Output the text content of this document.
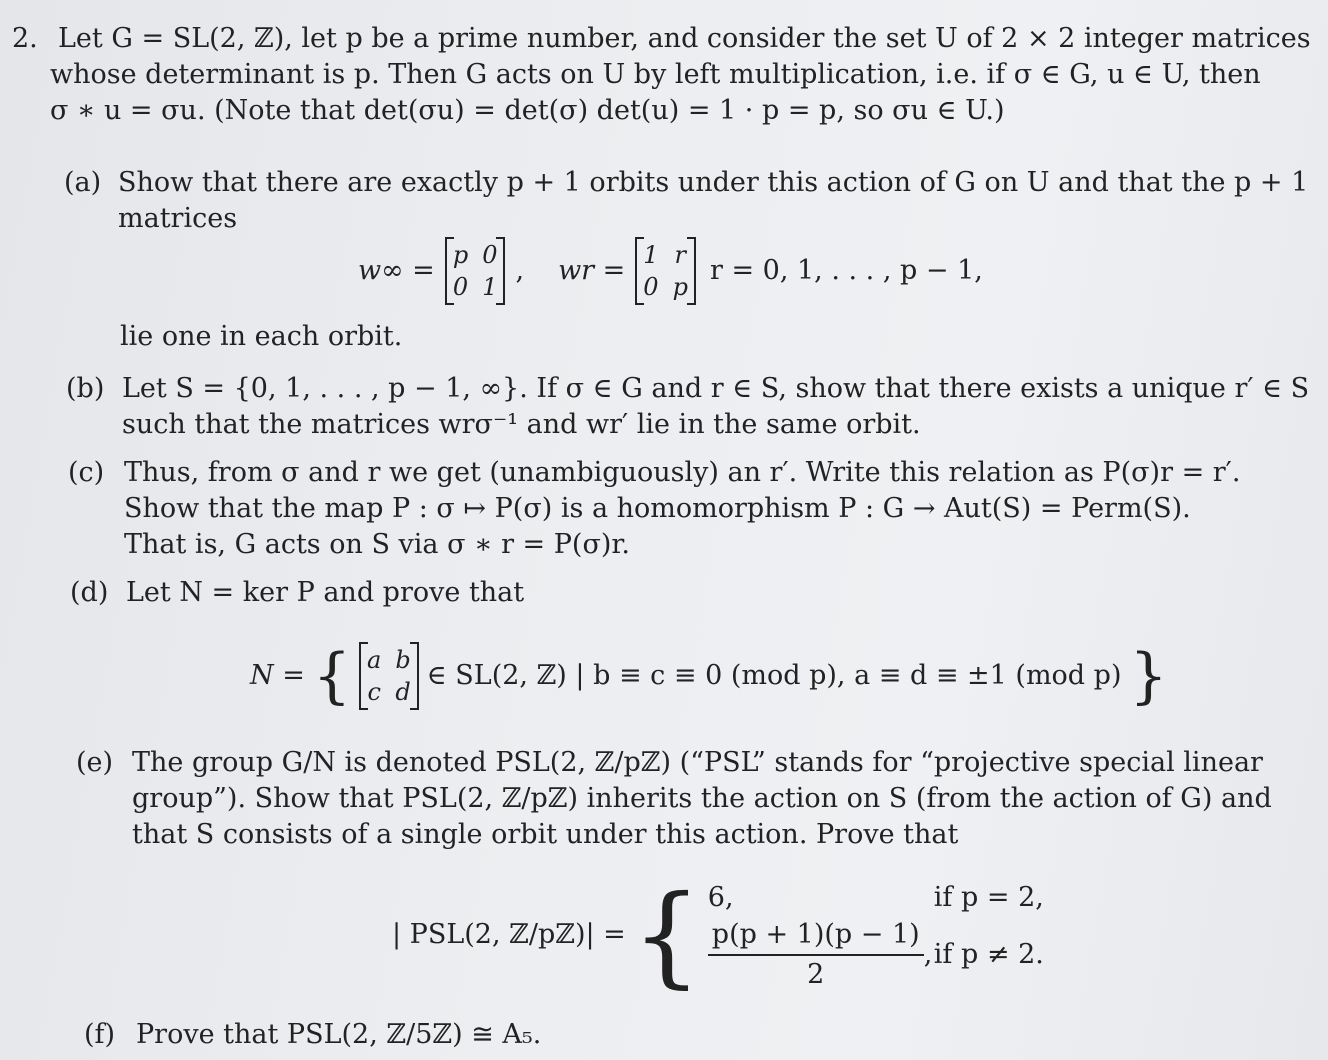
2. Let G = SL(2, ℤ), let p be a prime number, and consider the set U of 2 × 2 integer matrices
whose determinant is p. Then G acts on U by left multiplication, i.e. if σ ∈ G, u ∈ U, then
σ ∗ u = σu. (Note that det(σu) = det(σ) det(u) = 1 · p = p, so σu ∈ U.)
(a) Show that there are exactly p + 1 orbits under this action of G on U and that the p + 1
matrices
w∞ = p 0
0 1
, wr = 1 r
0 p
r = 0, 1, . . . , p − 1,
lie one in each orbit.
(b) Let S = {0, 1, . . . , p − 1, ∞}. If σ ∈ G and r ∈ S, show that there exists a unique r′ ∈ S
such that the matrices wrσ⁻¹ and wr′ lie in the same orbit.
(c) Thus, from σ and r we get (unambiguously) an r′. Write this relation as P(σ)r = r′.
Show that the map P : σ ↦ P(σ) is a homomorphism P : G → Aut(S) = Perm(S).
That is, G acts on S via σ ∗ r = P(σ)r.
(d) Let N = ker P and prove that
N = { a b
c d
∈ SL(2, ℤ) | b ≡ c ≡ 0 (mod p), a ≡ d ≡ ±1 (mod p) }
(e) The group G/N is denoted PSL(2, ℤ/pℤ) (“PSL” stands for “projective special linear
group”). Show that PSL(2, ℤ/pℤ) inherits the action on S (from the action of G) and
that S consists of a single orbit under this action. Prove that
| PSL(2, ℤ/pℤ)| = { 6,	if p = 2,
$\frac{p(p + 1)(p - 1)}{2}$ , if p ≠ 2.
(f) Prove that PSL(2, ℤ/5ℤ) ≅ A₅.
